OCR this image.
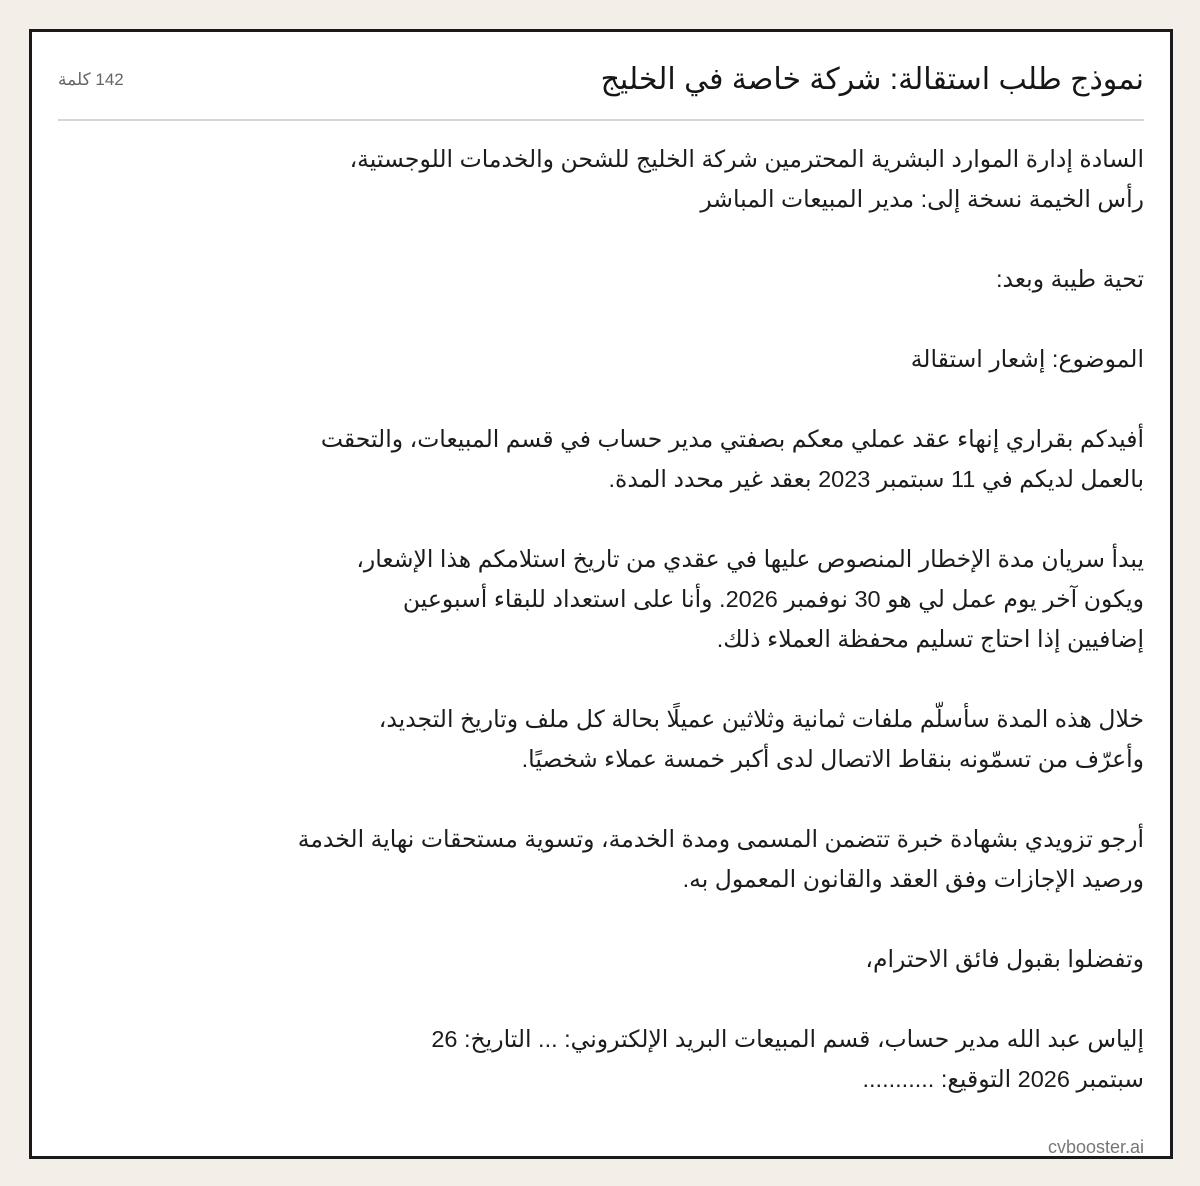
نموذج طلب استقالة: شركة خاصة في الخليج
142 كلمة

السادة إدارة الموارد البشرية المحترمين شركة الخليج للشحن والخدمات اللوجستية،
رأس الخيمة نسخة إلى: مدير المبيعات المباشر

تحية طيبة وبعد:

الموضوع: إشعار استقالة

أفيدكم بقراري إنهاء عقد عملي معكم بصفتي مدير حساب في قسم المبيعات، والتحقت
بالعمل لديكم في 11 سبتمبر 2023 بعقد غير محدد المدة.

يبدأ سريان مدة الإخطار المنصوص عليها في عقدي من تاريخ استلامكم هذا الإشعار،
ويكون آخر يوم عمل لي هو 30 نوفمبر 2026. وأنا على استعداد للبقاء أسبوعين
إضافيين إذا احتاج تسليم محفظة العملاء ذلك.

خلال هذه المدة سأسلّم ملفات ثمانية وثلاثين عميلًا بحالة كل ملف وتاريخ التجديد،
وأعرّف من تسمّونه بنقاط الاتصال لدى أكبر خمسة عملاء شخصيًا.

أرجو تزويدي بشهادة خبرة تتضمن المسمى ومدة الخدمة، وتسوية مستحقات نهاية الخدمة
ورصيد الإجازات وفق العقد والقانون المعمول به.

وتفضلوا بقبول فائق الاحترام،

إلياس عبد الله مدير حساب، قسم المبيعات البريد الإلكتروني: ... التاريخ: 26
سبتمبر 2026 التوقيع: ...........

cvbooster.ai
